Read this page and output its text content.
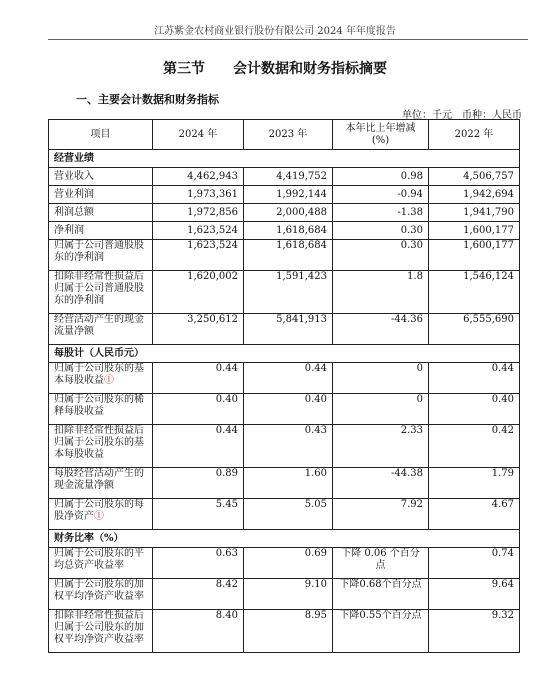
江苏紫金农村商业银行股份有限公司 2024 年年度报告
第三节　　会计数据和财务指标摘要
一、主要会计数据和财务指标
单位：千元　币种：人民币
项目	2024 年	2023 年	本年比上年增减(%)	2022 年
经营业绩				
营业收入	4,462,943	4,419,752	0.98	4,506,757
营业利润	1,973,361	1,992,144	-0.94	1,942,694
利润总额	1,972,856	2,000,488	-1.38	1,941,790
净利润	1,623,524	1,618,684	0.30	1,600,177
归属于公司普通股股东的净利润	1,623,524	1,618,684	0.30	1,600,177
扣除非经常性损益后归属于公司普通股股东的净利润	1,620,002	1,591,423	1.8	1,546,124
经营活动产生的现金流量净额	3,250,612	5,841,913	-44.36	6,555,690
每股计（人民币元）				
归属于公司股东的基本每股收益①	0.44	0.44	0	0.44
归属于公司股东的稀释每股收益	0.40	0.40	0	0.40
扣除非经常性损益后归属于公司股东的基本每股收益	0.44	0.43	2.33	0.42
每股经营活动产生的现金流量净额	0.89	1.60	-44.38	1.79
归属于公司股东的每股净资产①	5.45	5.05	7.92	4.67
财务比率（%）				
归属于公司股东的平均总资产收益率	0.63	0.69	下降 0.06 个百分点	0.74
归属于公司股东的加权平均净资产收益率	8.42	9.10	下降0.68个百分点	9.64
扣除非经常性损益后归属于公司股东的加权平均净资产收益率	8.40	8.95	下降0.55个百分点	9.32
